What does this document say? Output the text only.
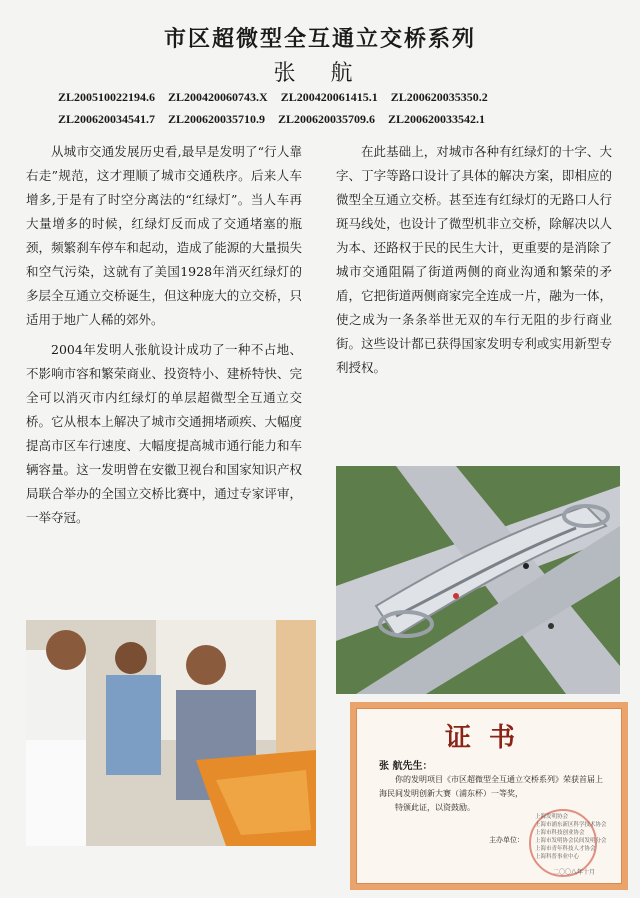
市区超微型全互通立交桥系列
张 航
ZL200510022194.6 ZL200420060743.X ZL200420061415.1 ZL200620035350.2 ZL200620034541.7 ZL200620035710.9 ZL200620035709.6 ZL200620033542.1

从城市交通发展历史看,最早是发明了“行人靠右走”规范，这才理顺了城市交通秩序。后来人车增多,于是有了时空分离法的“红绿灯”。当人车再大量增多的时候，红绿灯反而成了交通堵塞的瓶颈，频繁刹车停车和起动，造成了能源的大量损失和空气污染，这就有了美国1928年消灭红绿灯的多层全互通立交桥诞生，但这种庞大的立交桥，只适用于地广人稀的郊外。

2004年发明人张航设计成功了一种不占地、不影响市容和繁荣商业、投资特小、建桥特快、完全可以消灭市内红绿灯的单层超微型全互通立交桥。它从根本上解决了城市交通拥堵顽疾、大幅度提高市区车行速度、大幅度提高城市通行能力和车辆容量。这一发明曾在安徽卫视台和国家知识产权局联合举办的全国立交桥比赛中，通过专家评审，一举夺冠。

在此基础上，对城市各种有红绿灯的十字、大字、丁字等路口设计了具体的解决方案，即相应的微型全互通立交桥。甚至连有红绿灯的无路口人行斑马线处，也设计了微型机非立交桥，除解决以人为本、还路权于民的民生大计，更重要的是消除了城市交通阻隔了街道两侧的商业沟通和繁荣的矛盾，它把街道两侧商家完全连成一片，融为一体，使之成为一条条举世无双的车行无阻的步行商业街。这些设计都已获得国家发明专利或实用新型专利授权。

证书
张 航先生：
你的发明项目《市区超微型全互通立交桥系列》荣获首届上海民间发明创新大赛（浦东杯）一等奖，
特颁此证，以资鼓励。
主办单位：
上海发明协会
上海市浦东新区科学技术协会
上海市科技创业协会
上海市发明协会民间发明分会
上海市青年科技人才协会
上海科普事业中心
二〇〇八年十月
